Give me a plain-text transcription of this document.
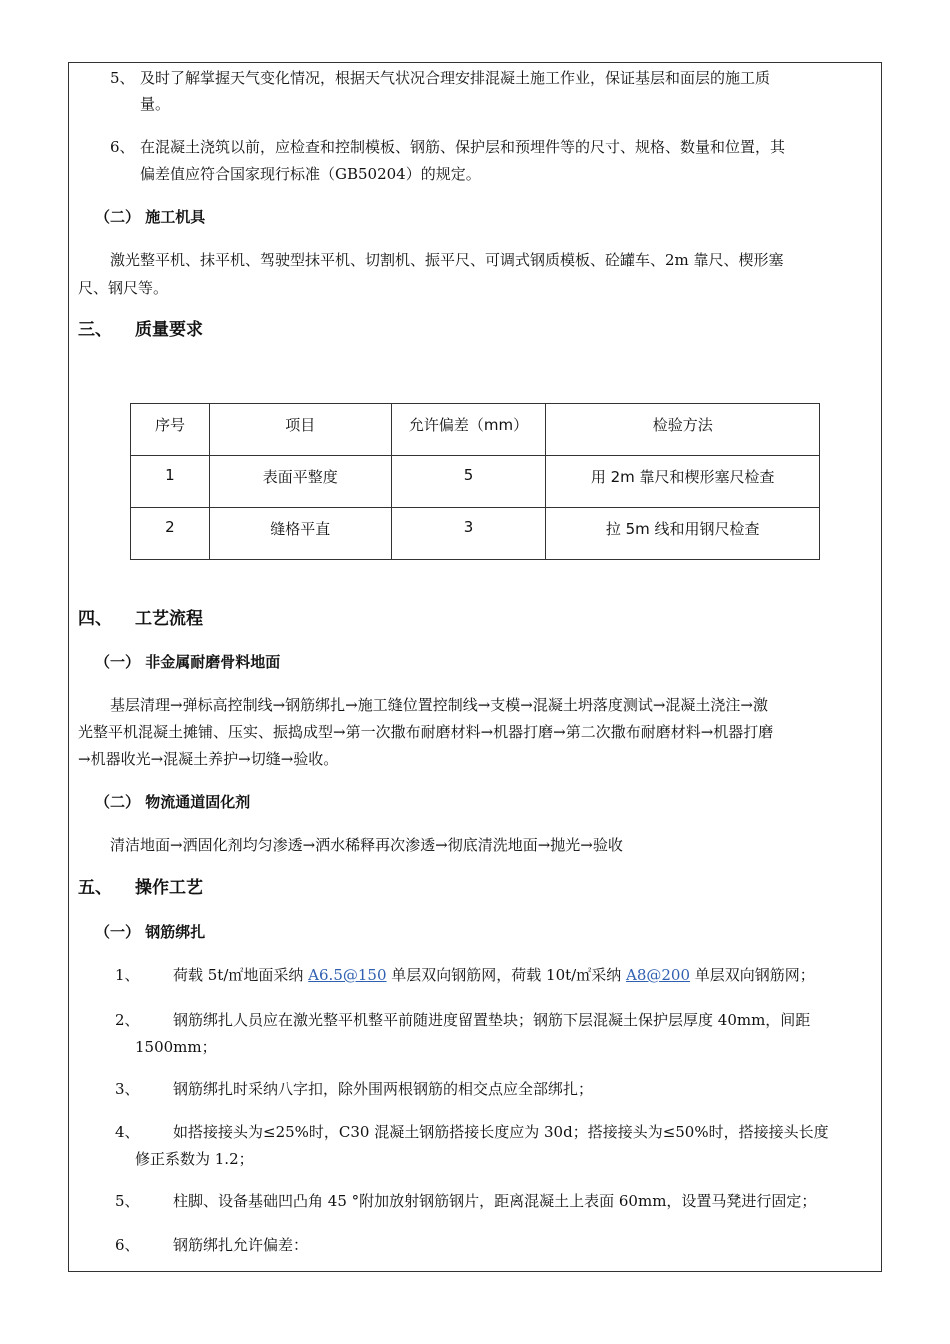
5、 及时了解掌握天气变化情况，根据天气状况合理安排混凝土施工作业，保证基层和面层的施工质
量。
6、 在混凝土浇筑以前，应检查和控制模板、钢筋、保护层和预埋件等的尺寸、规格、数量和位置，其
偏差值应符合国家现行标准（GB50204）的规定。
（二） 施工机具
激光整平机、抹平机、驾驶型抹平机、切割机、振平尺、可调式钢质模板、砼罐车、2m 靠尺、楔形塞
尺、钢尺等。
三、 质量要求
序号	项目	允许偏差（mm）	检验方法
1	表面平整度	5	用 2m 靠尺和楔形塞尺检查
2	缝格平直	3	拉 5m 线和用钢尺检查
四、 工艺流程
（一） 非金属耐磨骨料地面
基层清理→弹标高控制线→钢筋绑扎→施工缝位置控制线→支模→混凝土坍落度测试→混凝土浇注→激
光整平机混凝土摊铺、压实、振捣成型→第一次撒布耐磨材料→机器打磨→第二次撒布耐磨材料→机器打磨
→机器收光→混凝土养护→切缝→验收。
（二） 物流通道固化剂
清洁地面→洒固化剂均匀渗透→洒水稀释再次渗透→彻底清洗地面→抛光→验收
五、 操作工艺
（一） 钢筋绑扎
1、 荷载 5t/㎡地面采纳 A6.5@150 单层双向钢筋网，荷载 10t/㎡采纳 A8@200 单层双向钢筋网；
2、 钢筋绑扎人员应在激光整平机整平前随进度留置垫块；钢筋下层混凝土保护层厚度 40mm，间距
1500mm；
3、 钢筋绑扎时采纳八字扣，除外围两根钢筋的相交点应全部绑扎；
4、 如搭接接头为≤25%时，C30 混凝土钢筋搭接长度应为 30d；搭接接头为≤50%时，搭接接头长度
修正系数为 1.2；
5、 柱脚、设备基础凹凸角 45 °附加放射钢筋钢片，距离混凝土上表面 60mm，设置马凳进行固定；
6、 钢筋绑扎允许偏差：
